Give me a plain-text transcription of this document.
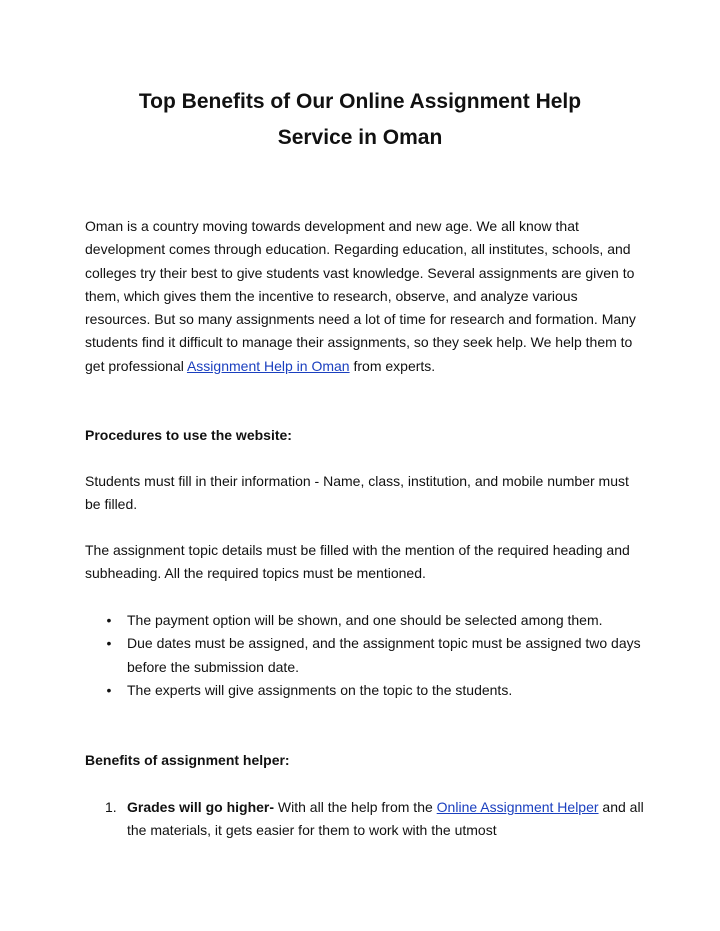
Top Benefits of Our Online Assignment Help
Service in Oman

Oman is a country moving towards development and new age. We all know that development comes through education. Regarding education, all institutes, schools, and colleges try their best to give students vast knowledge. Several assignments are given to them, which gives them the incentive to research, observe, and analyze various resources. But so many assignments need a lot of time for research and formation. Many students find it difficult to manage their assignments, so they seek help. We help them to get professional Assignment Help in Oman from experts.

Procedures to use the website:

Students must fill in their information - Name, class, institution, and mobile number must be filled.

The assignment topic details must be filled with the mention of the required heading and subheading. All the required topics must be mentioned.

•	The payment option will be shown, and one should be selected among them.
•	Due dates must be assigned, and the assignment topic must be assigned two days before the submission date.
•	The experts will give assignments on the topic to the students.

Benefits of assignment helper:

1. Grades will go higher- With all the help from the Online Assignment Helper and all the materials, it gets easier for them to work with the utmost
